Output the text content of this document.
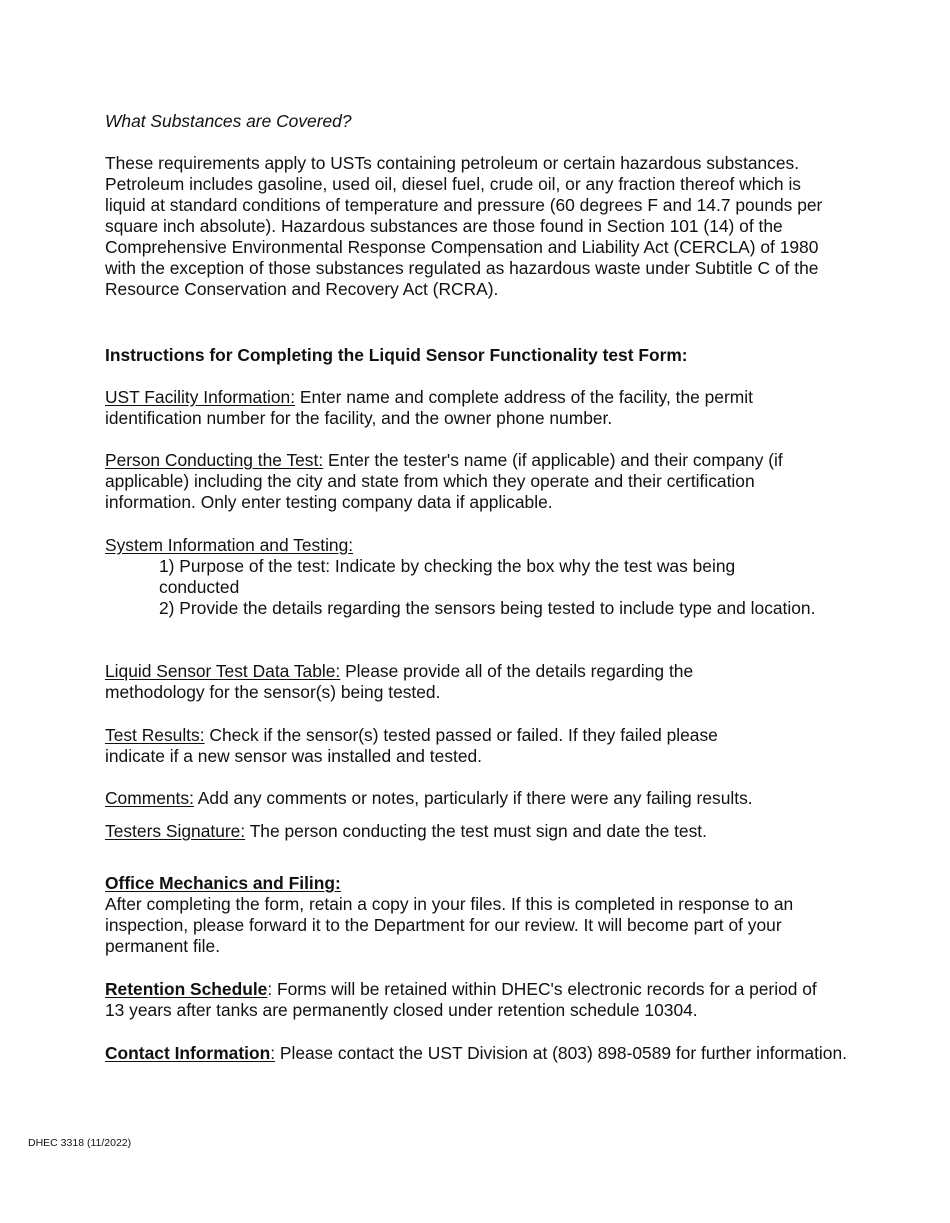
What Substances are Covered?

These requirements apply to USTs containing petroleum or certain hazardous substances. Petroleum includes gasoline, used oil, diesel fuel, crude oil, or any fraction thereof which is liquid at standard conditions of temperature and pressure (60 degrees F and 14.7 pounds per square inch absolute). Hazardous substances are those found in Section 101 (14) of the Comprehensive Environmental Response Compensation and Liability Act (CERCLA) of 1980 with the exception of those substances regulated as hazardous waste under Subtitle C of the Resource Conservation and Recovery Act (RCRA).

Instructions for Completing the Liquid Sensor Functionality test Form:

UST Facility Information: Enter name and complete address of the facility, the permit identification number for the facility, and the owner phone number.

Person Conducting the Test: Enter the tester's name (if applicable) and their company (if applicable) including the city and state from which they operate and their certification information. Only enter testing company data if applicable.

System Information and Testing:

1) Purpose of the test: Indicate by checking the box why the test was being conducted

2) Provide the details regarding the sensors being tested to include type and location.

Liquid Sensor Test Data Table: Please provide all of the details regarding the methodology for the sensor(s) being tested.

Test Results: Check if the sensor(s) tested passed or failed. If they failed please indicate if a new sensor was installed and tested.

Comments: Add any comments or notes, particularly if there were any failing results.

Testers Signature: The person conducting the test must sign and date the test.

Office Mechanics and Filing:

After completing the form, retain a copy in your files. If this is completed in response to an inspection, please forward it to the Department for our review. It will become part of your permanent file.

Retention Schedule: Forms will be retained within DHEC's electronic records for a period of 13 years after tanks are permanently closed under retention schedule 10304.

Contact Information: Please contact the UST Division at (803) 898-0589 for further information.

DHEC 3318 (11/2022)
